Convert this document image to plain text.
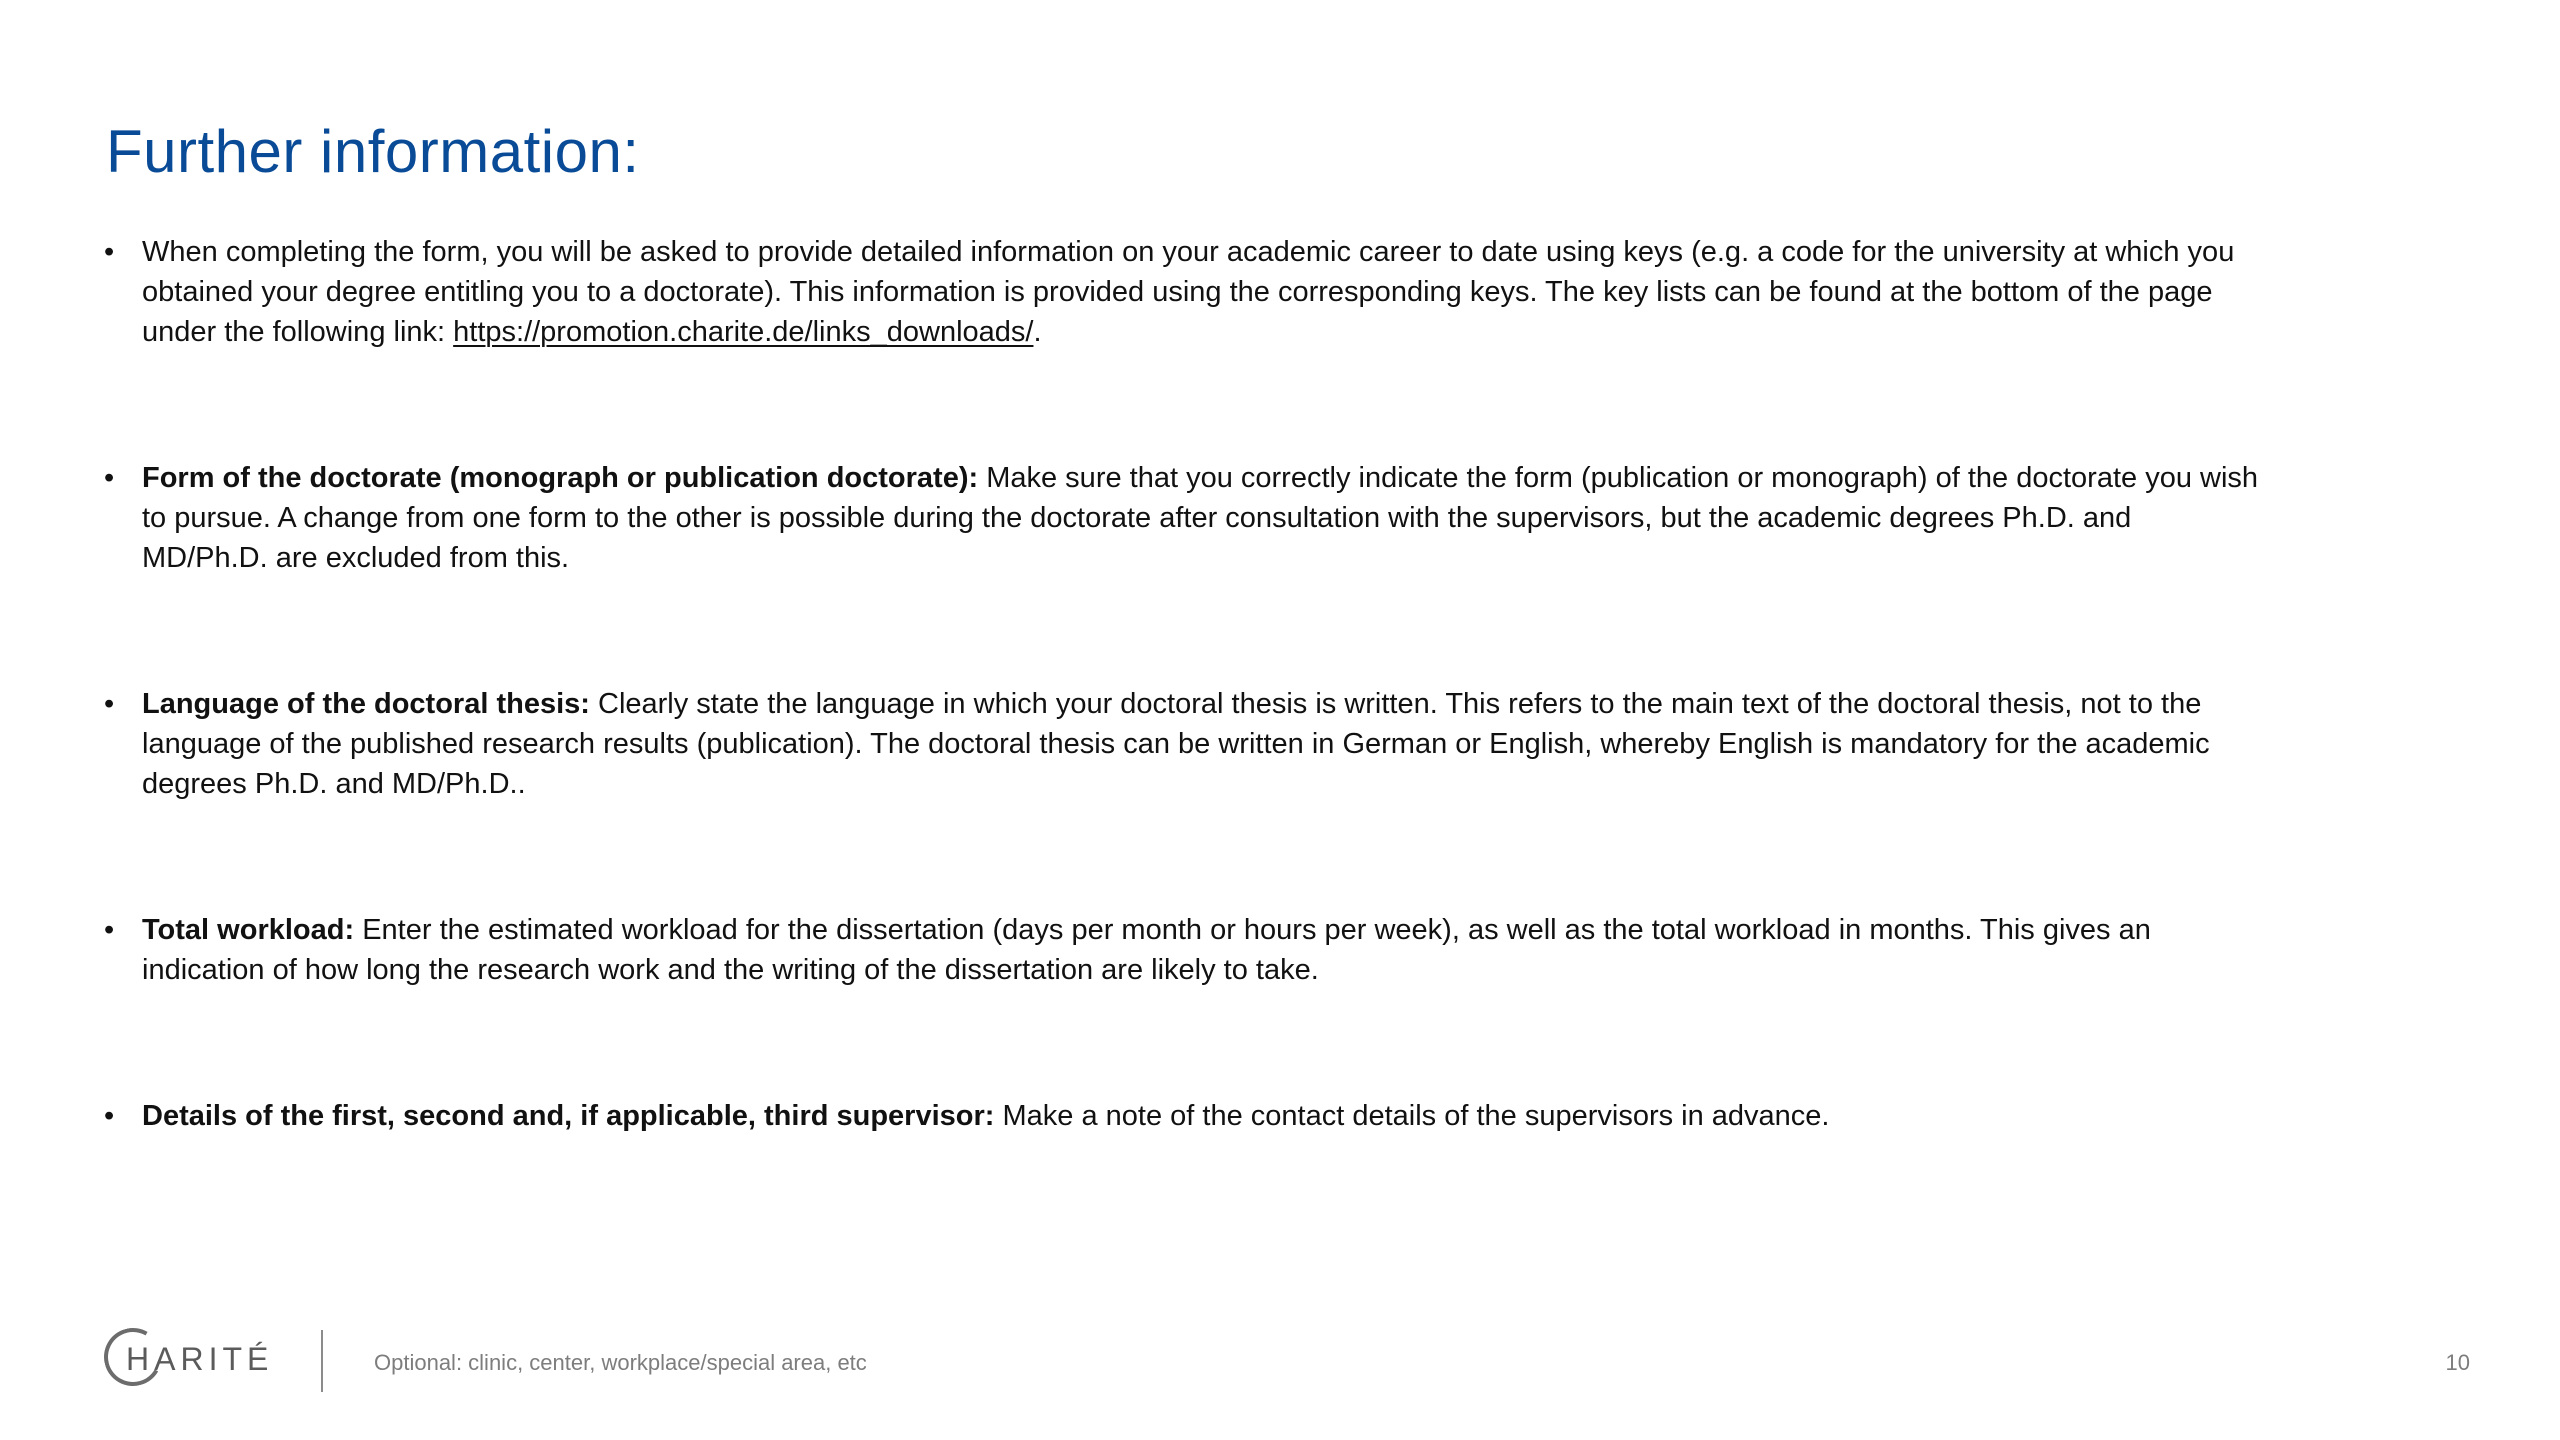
Further information:
• When completing the form, you will be asked to provide detailed information on your academic career to date using keys (e.g. a code for the university at which you obtained your degree entitling you to a doctorate). This information is provided using the corresponding keys. The key lists can be found at the bottom of the page under the following link: https://promotion.charite.de/links_downloads/.
• Form of the doctorate (monograph or publication doctorate): Make sure that you correctly indicate the form (publication or monograph) of the doctorate you wish to pursue. A change from one form to the other is possible during the doctorate after consultation with the supervisors, but the academic degrees Ph.D. and MD/Ph.D. are excluded from this.
• Language of the doctoral thesis: Clearly state the language in which your doctoral thesis is written. This refers to the main text of the doctoral thesis, not to the language of the published research results (publication). The doctoral thesis can be written in German or English, whereby English is mandatory for the academic degrees Ph.D. and MD/Ph.D..
• Total workload: Enter the estimated workload for the dissertation (days per month or hours per week), as well as the total workload in months. This gives an indication of how long the research work and the writing of the dissertation are likely to take.
• Details of the first, second and, if applicable, third supervisor: Make a note of the contact details of the supervisors in advance.
HARITÉ	Optional: clinic, center, workplace/special area, etc	10
